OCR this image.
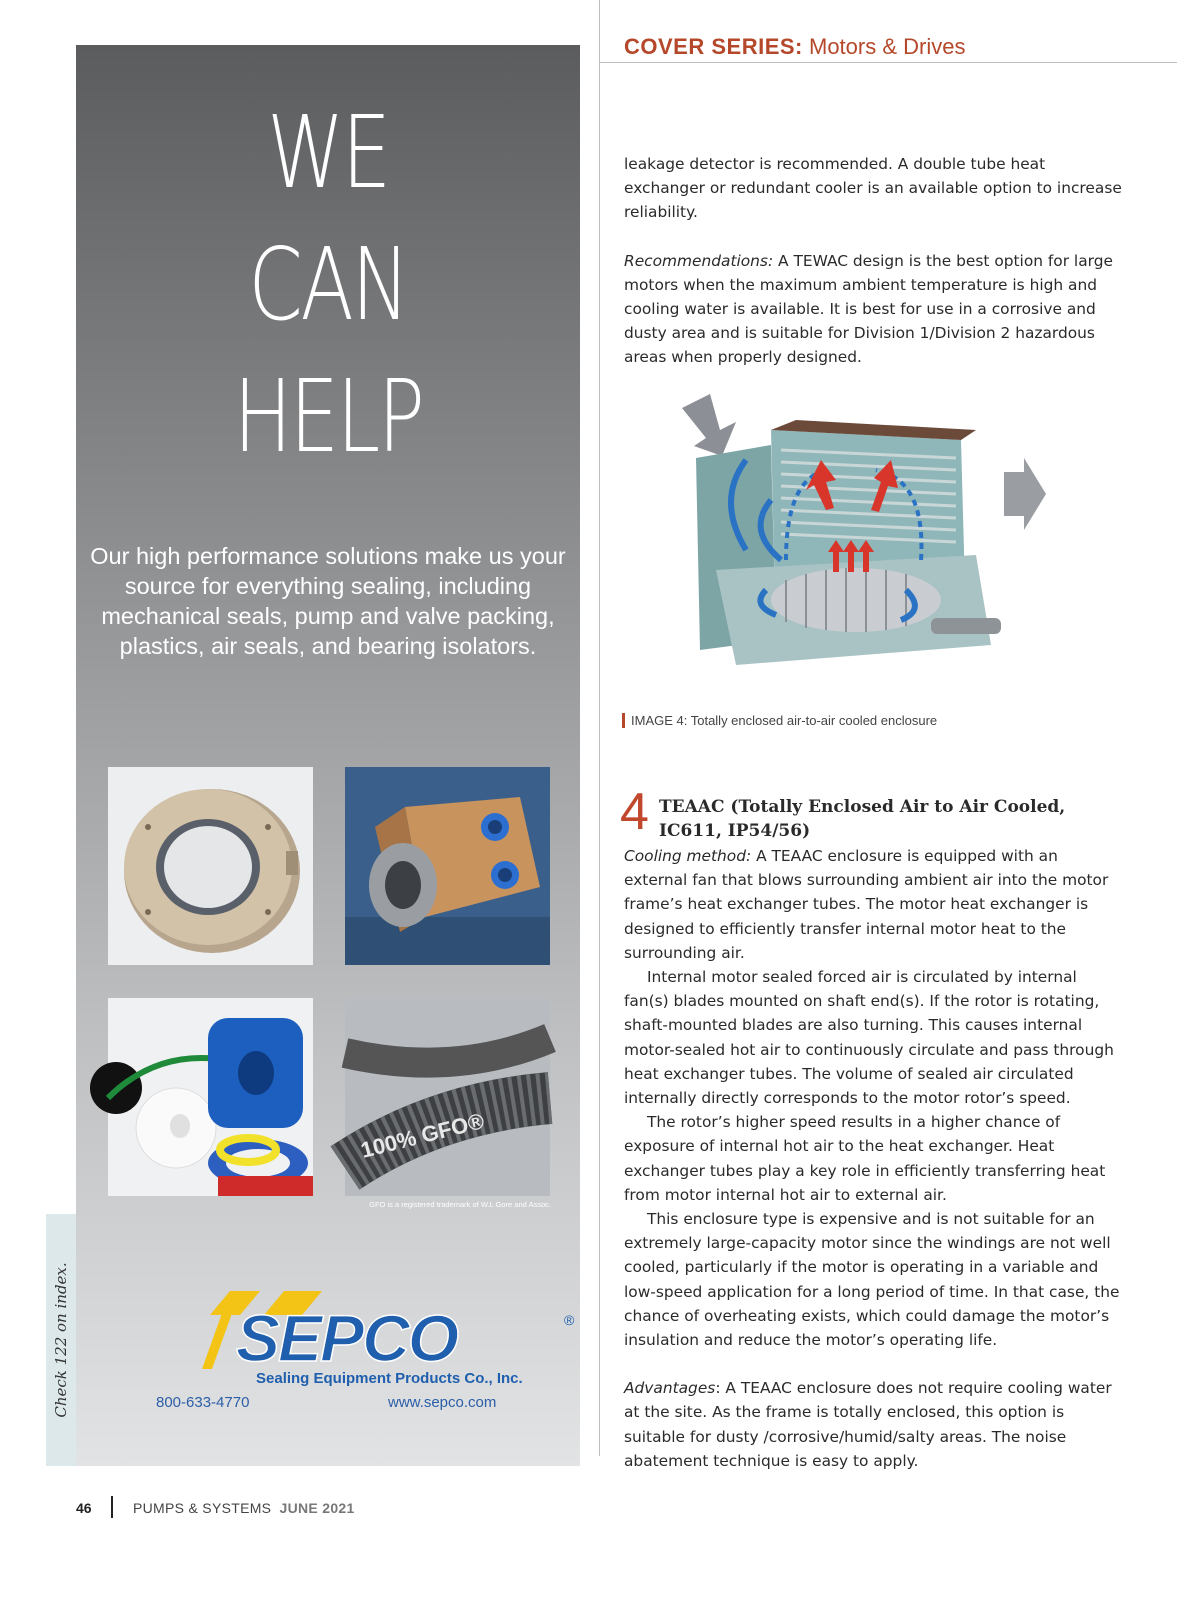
Check 122 on index.
WE
CAN
HELP
Our high performance solutions make us your source for everything sealing, including mechanical seals, pump and valve packing, plastics, air seals, and bearing isolators.
100% GFO®
GFO is a registered trademark of W.L Gore and Assoc.
SEPCO	®
Sealing Equipment Products Co., Inc.
800-633-4770	www.sepco.com
COVER SERIES: Motors & Drives

leakage detector is recommended. A double tube heat exchanger or redundant cooler is an available option to increase reliability.

Recommendations: A TEWAC design is the best option for large motors when the maximum ambient temperature is high and cooling water is available. It is best for use in a corrosive and dusty area and is suitable for Division 1/Division 2 hazardous areas when properly designed.

IMAGE 4: Totally enclosed air-to-air cooled enclosure
4 TEAAC (Totally Enclosed Air to Air Cooled, IC611, IP54/56)

Cooling method: A TEAAC enclosure is equipped with an external fan that blows surrounding ambient air into the motor frame’s heat exchanger tubes. The motor heat exchanger is designed to efficiently transfer internal motor heat to the surrounding air.

Internal motor sealed forced air is circulated by internal fan(s) blades mounted on shaft end(s). If the rotor is rotating, shaft-mounted blades are also turning. This causes internal motor-sealed hot air to continuously circulate and pass through heat exchanger tubes. The volume of sealed air circulated internally directly corresponds to the motor rotor’s speed.

The rotor’s higher speed results in a higher chance of exposure of internal hot air to the heat exchanger. Heat exchanger tubes play a key role in efficiently transferring heat from motor internal hot air to external air.

This enclosure type is expensive and is not suitable for an extremely large-capacity motor since the windings are not well cooled, particularly if the motor is operating in a variable and low-speed application for a long period of time. In that case, the chance of overheating exists, which could damage the motor’s insulation and reduce the motor’s operating life.

Advantages: A TEAAC enclosure does not require cooling water at the site. As the frame is totally enclosed, this option is suitable for dusty /corrosive/humid/salty areas. The noise abatement technique is easy to apply.

46	PUMPS & SYSTEMS JUNE 2021
